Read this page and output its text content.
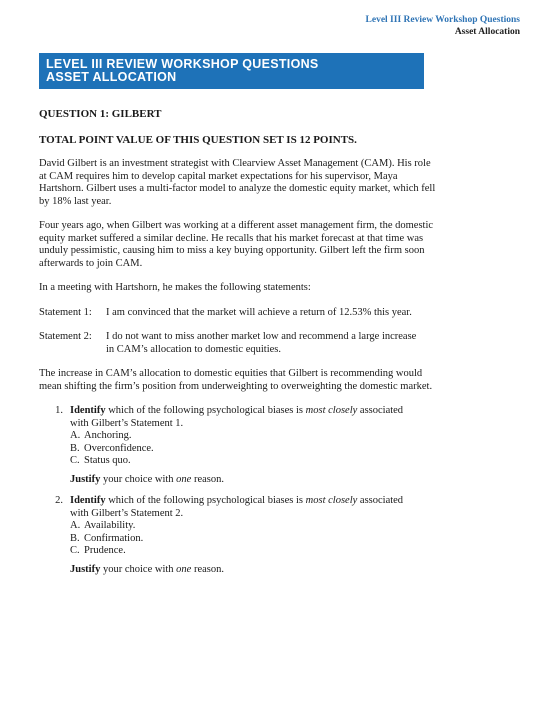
Level III Review Workshop Questions
Asset Allocation
LEVEL III REVIEW WORKSHOP QUESTIONS
ASSET ALLOCATION
QUESTION 1: GILBERT
TOTAL POINT VALUE OF THIS QUESTION SET IS 12 POINTS.

David Gilbert is an investment strategist with Clearview Asset Management (CAM). His role at CAM requires him to develop capital market expectations for his supervisor, Maya Hartshorn. Gilbert uses a multi-factor model to analyze the domestic equity market, which fell by 18% last year.

Four years ago, when Gilbert was working at a different asset management firm, the domestic equity market suffered a similar decline. He recalls that his market forecast at that time was unduly pessimistic, causing him to miss a key buying opportunity. Gilbert left the firm soon afterwards to join CAM.

In a meeting with Hartshorn, he makes the following statements:

Statement 1:	I am convinced that the market will achieve a return of 12.53% this year.
Statement 2:	I do not want to miss another market low and recommend a large increase in CAM’s allocation to domestic equities.

The increase in CAM’s allocation to domestic equities that Gilbert is recommending would mean shifting the firm’s position from underweighting to overweighting the domestic market.

1. Identify which of the following psychological biases is most closely associated with Gilbert’s Statement 1.
A. Anchoring.
B. Overconfidence.
C. Status quo.
Justify your choice with one reason.
2. Identify which of the following psychological biases is most closely associated with Gilbert’s Statement 2.
A. Availability.
B. Confirmation.
C. Prudence.
Justify your choice with one reason.
